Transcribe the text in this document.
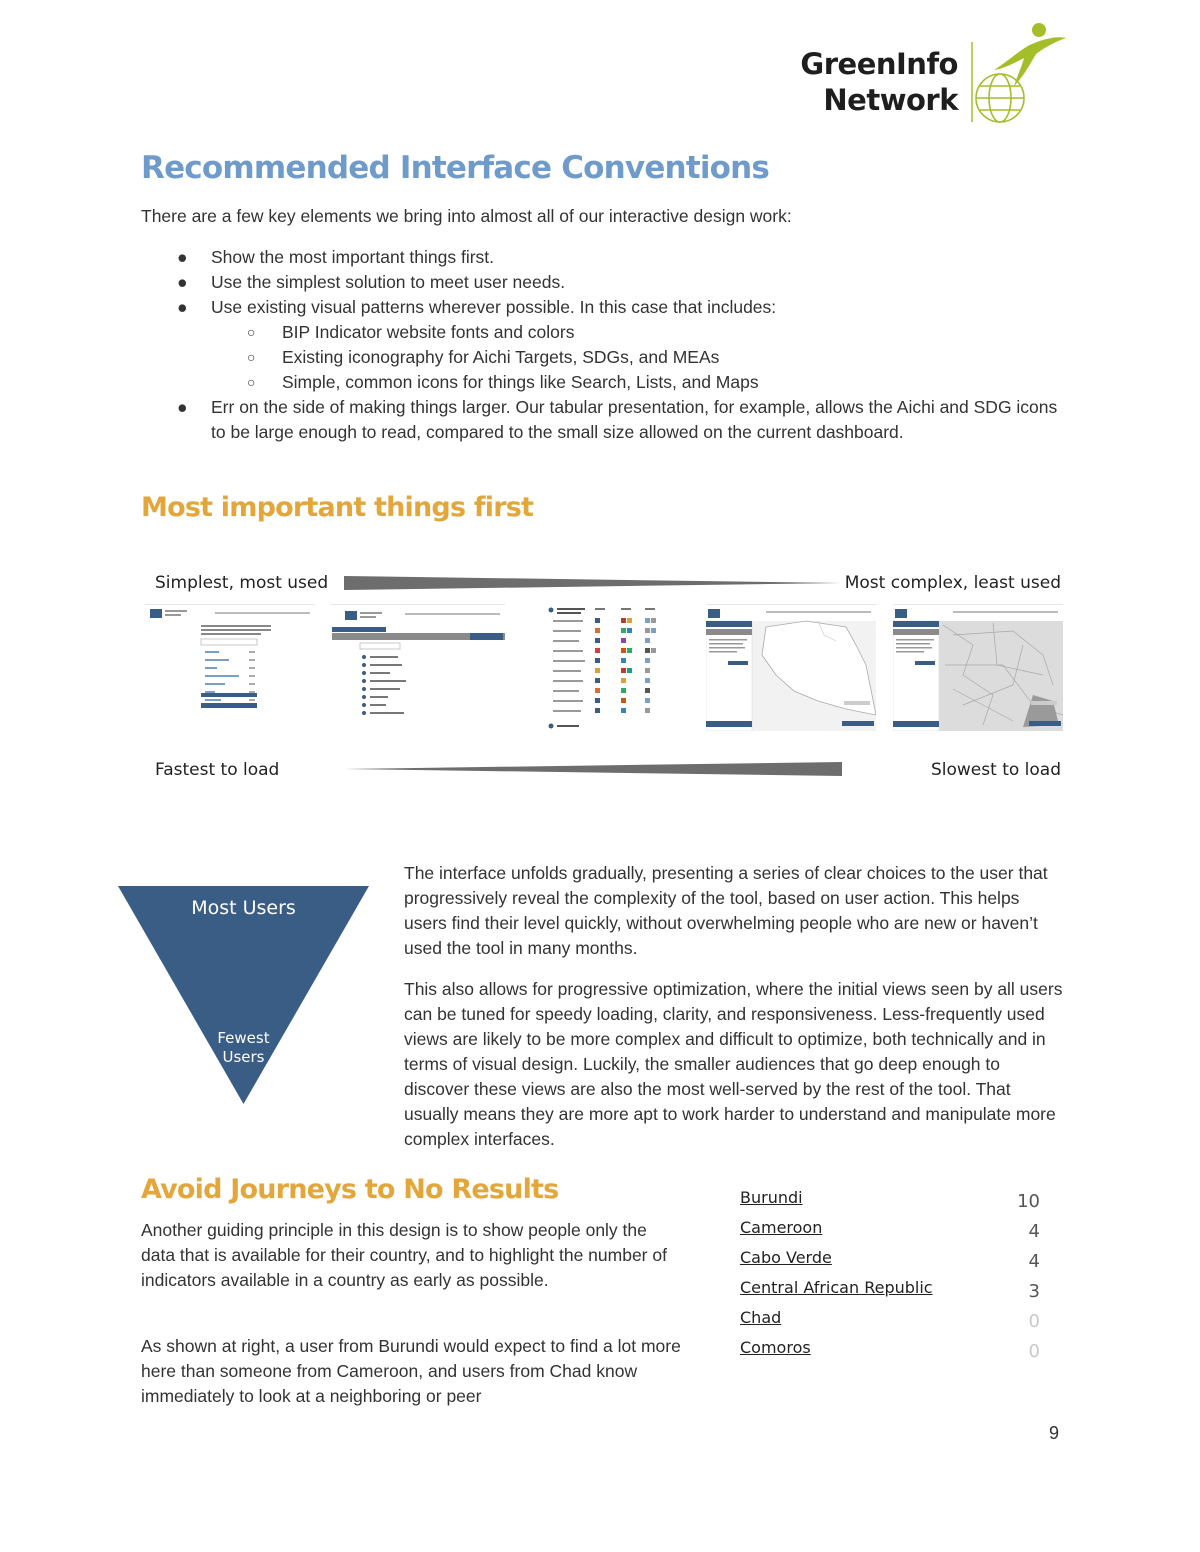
GreenInfo
Network
Recommended Interface Conventions

There are a few key elements we bring into almost all of our interactive design work:

● Show the most important things first.
● Use the simplest solution to meet user needs.
● Use existing visual patterns wherever possible. In this case that includes:
○ BIP Indicator website fonts and colors
○ Existing iconography for Aichi Targets, SDGs, and MEAs
○ Simple, common icons for things like Search, Lists, and Maps
● Err on the side of making things larger. Our tabular presentation, for example, allows the Aichi and SDG icons to be large enough to read, compared to the small size allowed on the current dashboard.
Most important things first
Simplest, most used	Most complex, least used
Fastest to load	Slowest to load
Most Users
Fewest
Users

The interface unfolds gradually, presenting a series of clear choices to the user that progressively reveal the complexity of the tool, based on user action. This helps users find their level quickly, without overwhelming people who are new or haven’t used the tool in many months.

This also allows for progressive optimization, where the initial views seen by all users can be tuned for speedy loading, clarity, and responsiveness. Less-frequently used views are likely to be more complex and difficult to optimize, both technically and in terms of visual design. Luckily, the smaller audiences that go deep enough to discover these views are also the most well-served by the rest of the tool. That usually means they are more apt to work harder to understand and manipulate more complex interfaces.

Avoid Journeys to No Results

Another guiding principle in this design is to show people only the data that is available for their country, and to highlight the number of indicators available in a country as early as possible.

As shown at right, a user from Burundi would expect to find a lot more here than someone from Cameroon, and users from Chad know immediately to look at a neighboring or peer

Burundi	10
Cameroon	4
Cabo Verde	4
Central African Republic	3
Chad	0
Comoros	0
9
